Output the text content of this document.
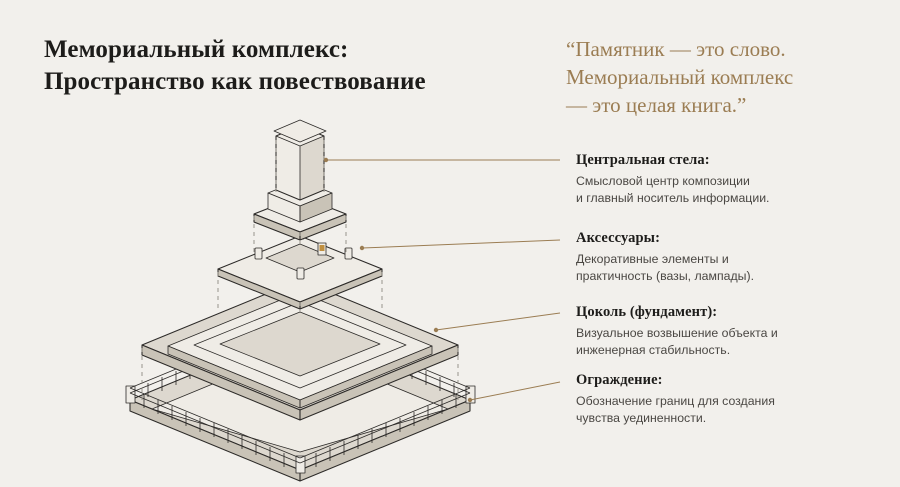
Мемориальный комплекс:
Пространство как повествование
“Памятник — это слово.
Мемориальный комплекс
— это целая книга.”
Центральная стела:
Смысловой центр композиции
и главный носитель информации.
Аксессуары:
Декоративные элементы и
практичность (вазы, лампады).
Цоколь (фундамент):
Визуальное возвышение объекта и
инженерная стабильность.
Ограждение:
Обозначение границ для создания
чувства уединенности.
